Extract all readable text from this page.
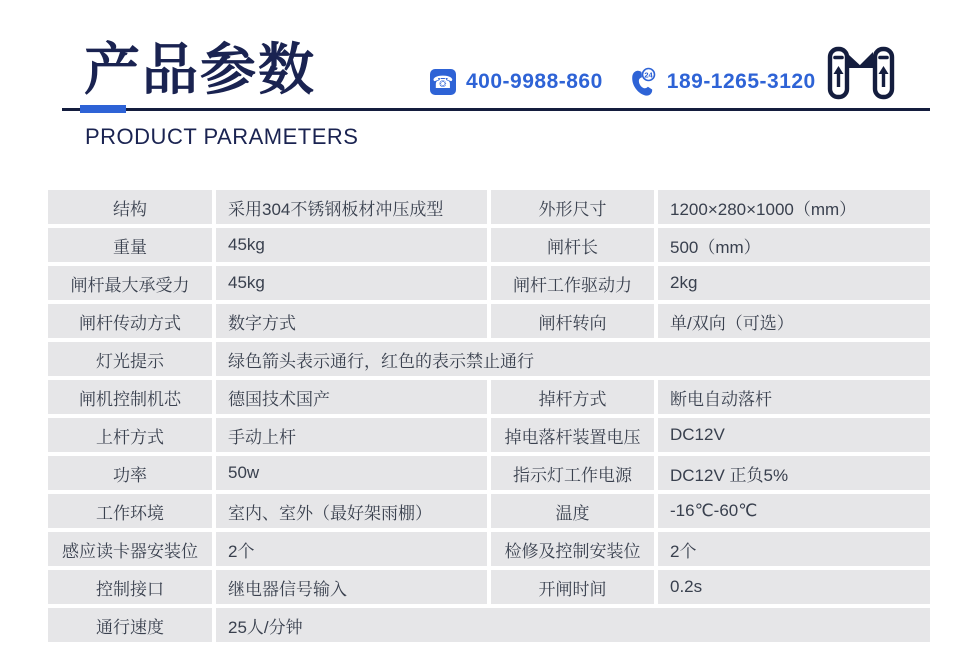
产品参数
PRODUCT PARAMETERS
☎ 400-9988-860	24 189-1265-3120
结构	采用304不锈钢板材冲压成型	外形尺寸	1200×280×1000（mm）
重量	45kg	闸杆长	500（mm）
闸杆最大承受力	45kg	闸杆工作驱动力	2kg
闸杆传动方式	数字方式	闸杆转向	单/双向（可选）
灯光提示	绿色箭头表示通行，红色的表示禁止通行
闸机控制机芯	德国技术国产	掉杆方式	断电自动落杆
上杆方式	手动上杆	掉电落杆装置电压	DC12V
功率	50w	指示灯工作电源	DC12V 正负5%
工作环境	室内、室外（最好架雨棚）	温度	-16℃-60℃
感应读卡器安装位	2个	检修及控制安装位	2个
控制接口	继电器信号输入	开闸时间	0.2s
通行速度	25人/分钟
